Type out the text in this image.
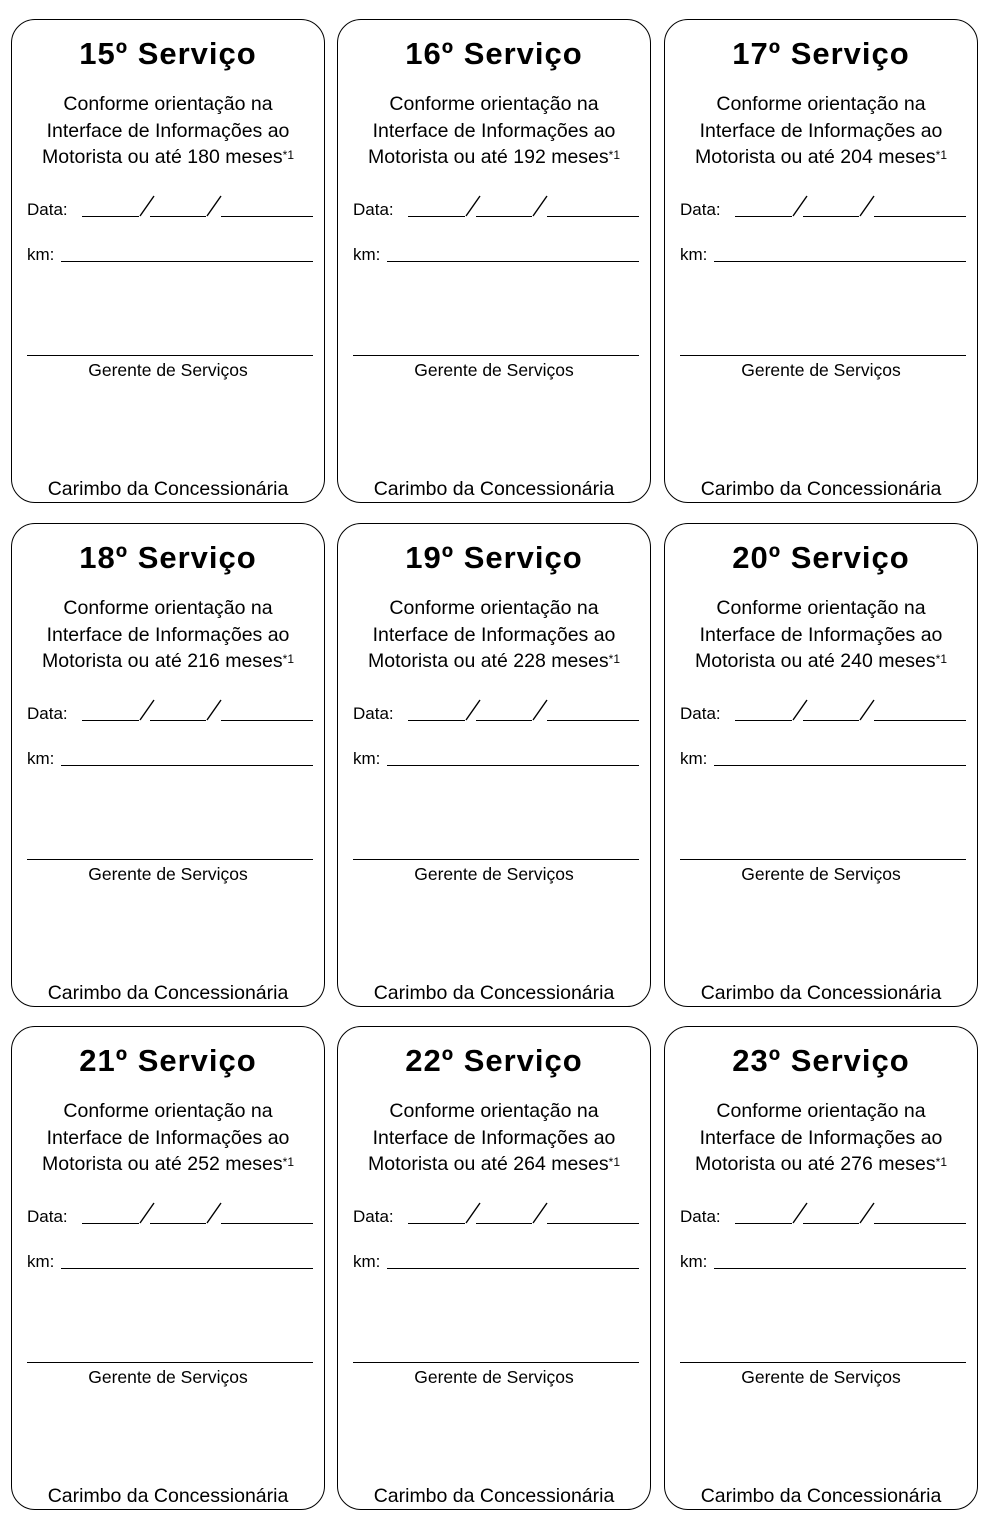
15º Serviço
Conforme orientação na
Interface de Informações ao
Motorista ou até 180 meses$^{*1}$
Data:
km:
Gerente de Serviços
Carimbo da Concessionária
16º Serviço
Conforme orientação na
Interface de Informações ao
Motorista ou até 192 meses$^{*1}$
Data:
km:
Gerente de Serviços
Carimbo da Concessionária
17º Serviço
Conforme orientação na
Interface de Informações ao
Motorista ou até 204 meses$^{*1}$
Data:
km:
Gerente de Serviços
Carimbo da Concessionária
18º Serviço
Conforme orientação na
Interface de Informações ao
Motorista ou até 216 meses$^{*1}$
Data:
km:
Gerente de Serviços
Carimbo da Concessionária
19º Serviço
Conforme orientação na
Interface de Informações ao
Motorista ou até 228 meses$^{*1}$
Data:
km:
Gerente de Serviços
Carimbo da Concessionária
20º Serviço
Conforme orientação na
Interface de Informações ao
Motorista ou até 240 meses$^{*1}$
Data:
km:
Gerente de Serviços
Carimbo da Concessionária
21º Serviço
Conforme orientação na
Interface de Informações ao
Motorista ou até 252 meses$^{*1}$
Data:
km:
Gerente de Serviços
Carimbo da Concessionária
22º Serviço
Conforme orientação na
Interface de Informações ao
Motorista ou até 264 meses$^{*1}$
Data:
km:
Gerente de Serviços
Carimbo da Concessionária
23º Serviço
Conforme orientação na
Interface de Informações ao
Motorista ou até 276 meses$^{*1}$
Data:
km:
Gerente de Serviços
Carimbo da Concessionária
